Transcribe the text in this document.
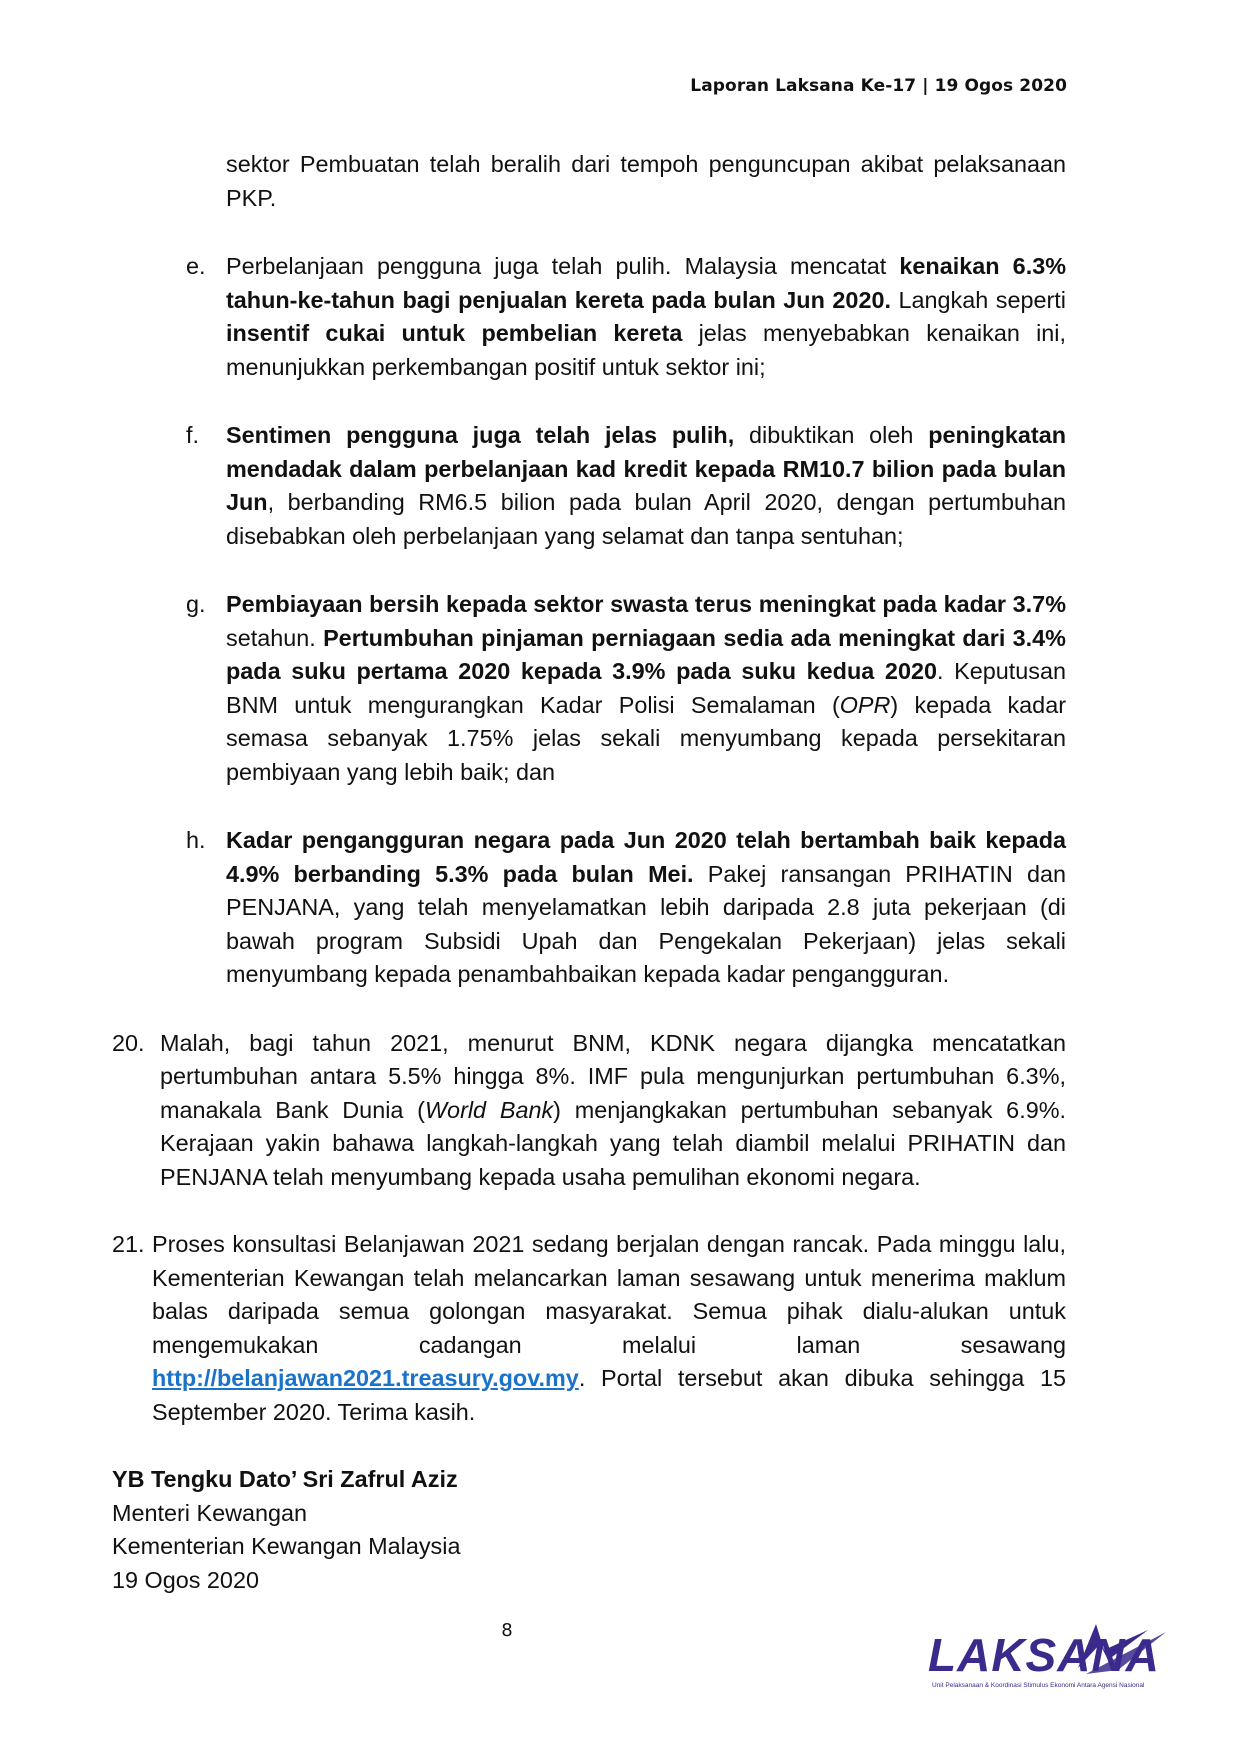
Laporan Laksana Ke-17 | 19 Ogos 2020

sektor Pembuatan telah beralih dari tempoh penguncupan akibat pelaksanaan PKP.

e. Perbelanjaan pengguna juga telah pulih. Malaysia mencatat kenaikan 6.3% tahun-ke-tahun bagi penjualan kereta pada bulan Jun 2020. Langkah seperti insentif cukai untuk pembelian kereta jelas menyebabkan kenaikan ini, menunjukkan perkembangan positif untuk sektor ini;

f. Sentimen pengguna juga telah jelas pulih, dibuktikan oleh peningkatan mendadak dalam perbelanjaan kad kredit kepada RM10.7 bilion pada bulan Jun, berbanding RM6.5 bilion pada bulan April 2020, dengan pertumbuhan disebabkan oleh perbelanjaan yang selamat dan tanpa sentuhan;

g. Pembiayaan bersih kepada sektor swasta terus meningkat pada kadar 3.7% setahun. Pertumbuhan pinjaman perniagaan sedia ada meningkat dari 3.4% pada suku pertama 2020 kepada 3.9% pada suku kedua 2020. Keputusan BNM untuk mengurangkan Kadar Polisi Semalaman (OPR) kepada kadar semasa sebanyak 1.75% jelas sekali menyumbang kepada persekitaran pembiyaan yang lebih baik; dan

h. Kadar pengangguran negara pada Jun 2020 telah bertambah baik kepada 4.9% berbanding 5.3% pada bulan Mei. Pakej ransangan PRIHATIN dan PENJANA, yang telah menyelamatkan lebih daripada 2.8 juta pekerjaan (di bawah program Subsidi Upah dan Pengekalan Pekerjaan) jelas sekali menyumbang kepada penambahbaikan kepada kadar pengangguran.

20. Malah, bagi tahun 2021, menurut BNM, KDNK negara dijangka mencatatkan pertumbuhan antara 5.5% hingga 8%. IMF pula mengunjurkan pertumbuhan 6.3%, manakala Bank Dunia (World Bank) menjangkakan pertumbuhan sebanyak 6.9%. Kerajaan yakin bahawa langkah-langkah yang telah diambil melalui PRIHATIN dan PENJANA telah menyumbang kepada usaha pemulihan ekonomi negara.

21. Proses konsultasi Belanjawan 2021 sedang berjalan dengan rancak. Pada minggu lalu, Kementerian Kewangan telah melancarkan laman sesawang untuk menerima maklum balas daripada semua golongan masyarakat. Semua pihak dialu-alukan untuk mengemukakan cadangan melalui laman sesawang http://belanjawan2021.treasury.gov.my. Portal tersebut akan dibuka sehingga 15 September 2020. Terima kasih.

YB Tengku Dato’ Sri Zafrul Aziz
Menteri Kewangan
Kementerian Kewangan Malaysia
19 Ogos 2020
8	LAKSANA
Unit Pelaksanaan & Koordinasi Stimulus Ekonomi Antara Agensi Nasional
